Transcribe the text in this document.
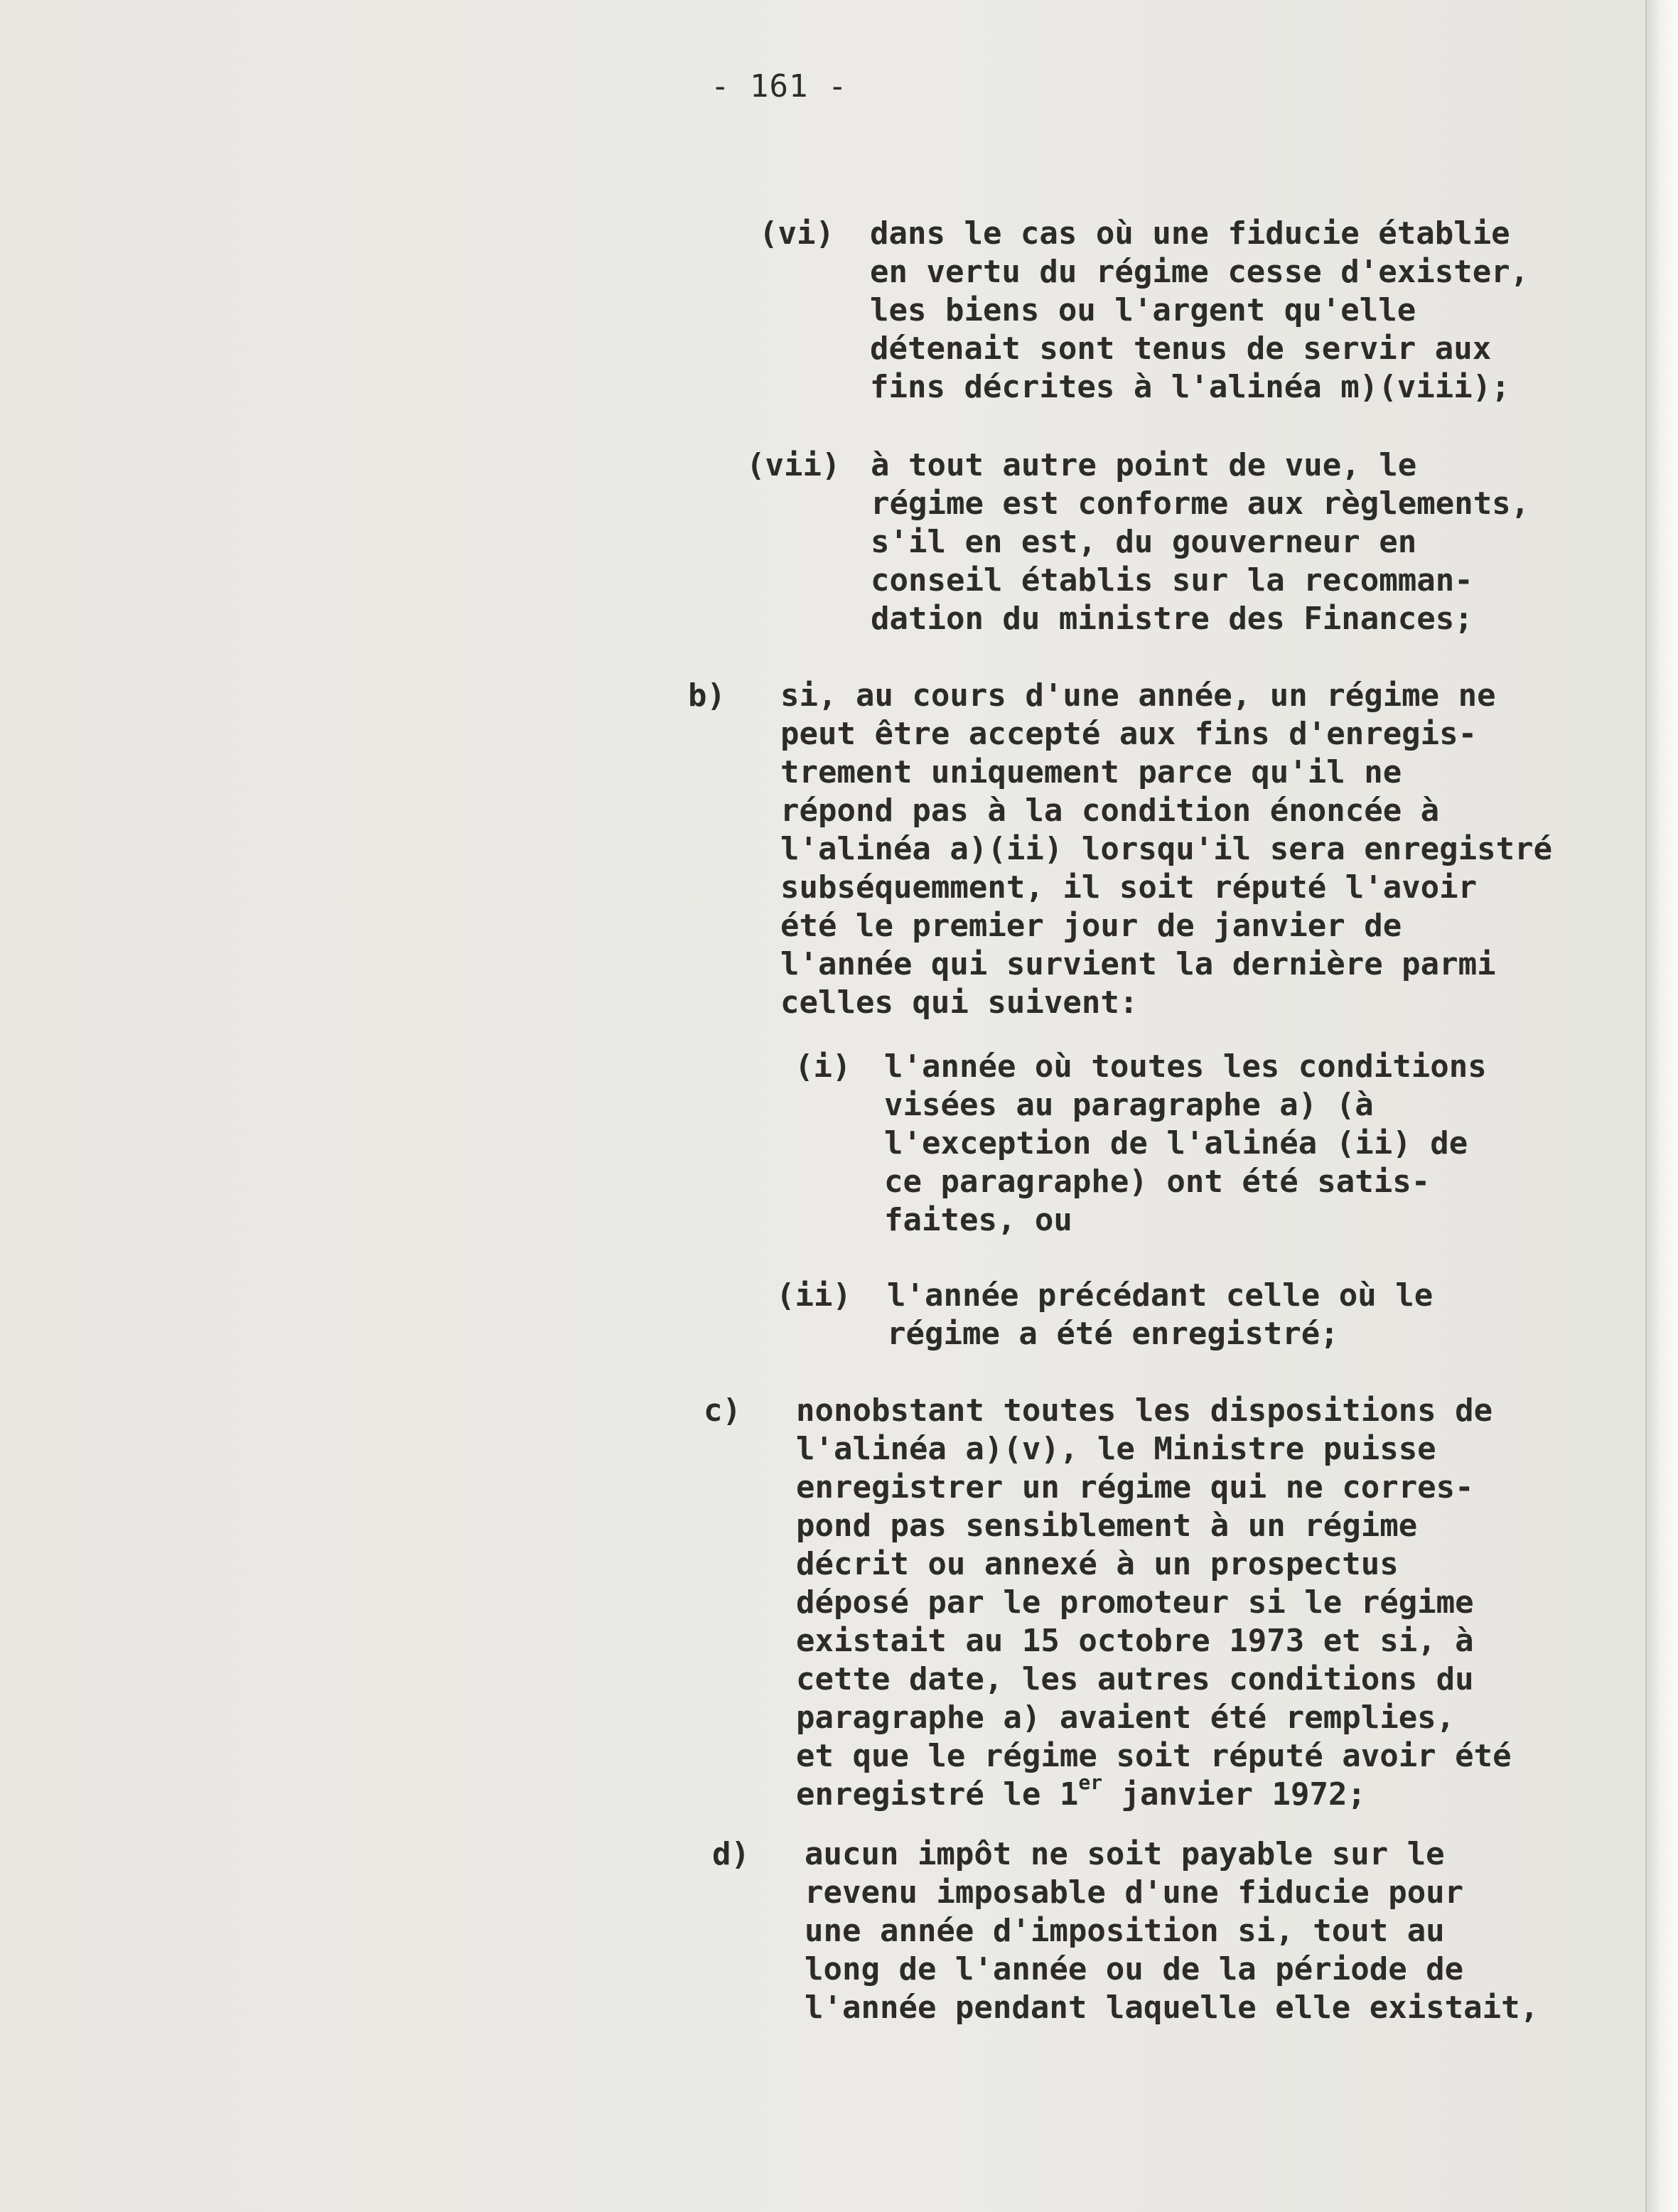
- 161 -
(vi) dans le cas où une fiducie établie
en vertu du régime cesse d'exister,
les biens ou l'argent qu'elle
détenait sont tenus de servir aux
fins décrites à l'alinéa m)(viii);
(vii) à tout autre point de vue, le
régime est conforme aux règlements,
s'il en est, du gouverneur en
conseil établis sur la recomman-
dation du ministre des Finances;
b) si, au cours d'une année, un régime ne
peut être accepté aux fins d'enregis-
trement uniquement parce qu'il ne
répond pas à la condition énoncée à
l'alinéa a)(ii) lorsqu'il sera enregistré
subséquemment, il soit réputé l'avoir
été le premier jour de janvier de
l'année qui survient la dernière parmi
celles qui suivent:
(i) l'année où toutes les conditions
visées au paragraphe a) (à
l'exception de l'alinéa (ii) de
ce paragraphe) ont été satis-
faites, ou
(ii) l'année précédant celle où le
régime a été enregistré;
c) nonobstant toutes les dispositions de
l'alinéa a)(v), le Ministre puisse
enregistrer un régime qui ne corres-
pond pas sensiblement à un régime
décrit ou annexé à un prospectus
déposé par le promoteur si le régime
existait au 15 octobre 1973 et si, à
cette date, les autres conditions du
paragraphe a) avaient été remplies,
et que le régime soit réputé avoir été
enregistré le 1er janvier 1972;
d) aucun impôt ne soit payable sur le
revenu imposable d'une fiducie pour
une année d'imposition si, tout au
long de l'année ou de la période de
l'année pendant laquelle elle existait,
